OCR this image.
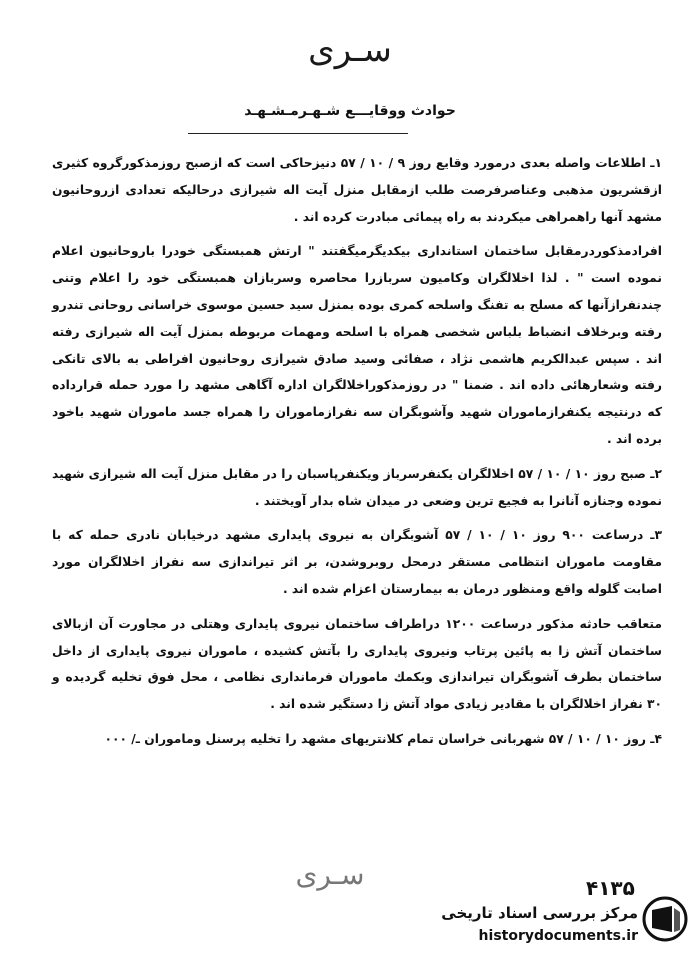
سـرى
حوادث ووقايـــع شـهـرمـشـهـد

۱ـ اطلاعات واصله بعدى درمورد وقايع روز ۹ / ۱۰ / ۵۷ دنيزحاكى است كه ازصبح روزمذكورگروه كثيرى ازقشريون مذهبى وعناصرفرصت طلب ازمقابل منزل آيت اله شيرازى درحاليكه تعدادى ازروحانيون مشهد آنها راهمراهى ميكردند به راه پيمائى مبادرت كرده اند .

افرادمذكوردرمقابل ساختمان استاندارى بيكديگرميگفتند " ارتش همبستگى خودرا باروحانيون اعلام نموده است " . لذا اخلالگران وكاميون سربازرا محاصره وسربازان همبستگى خود را اعلام وتنى چندنفرازآنها كه مسلح به تفنگ واسلحه كمرى بوده بمنزل سيد حسين موسوى خراسانى روحانى تندرو رفته وبرخلاف انضباط بلباس شخصى همراه با اسلحه ومهمات مربوطه بمنزل آيت اله شيرازى رفته اند . سپس عبدالكريم هاشمى نژاد ، صفائى وسيد صادق شيرازى روحانيون افراطى به بالاى تانكى رفته وشعارهائى داده اند . ضمنا " در روزمذكوراخلالگران اداره آگاهى مشهد را مورد حمله قرارداده كه درنتيجه يكنفرازماموران شهيد وآشوبگران سه نفرازماموران را همراه جسد ماموران شهيد باخود برده اند .

۲ـ صبح روز ۱۰ / ۱۰ / ۵۷ اخلالگران يكنفرسرباز ويكنفرپاسبان را در مقابل منزل آيت اله شيرازى شهيد نموده وجنازه آنانرا به فجيع ترين وضعى در ميدان شاه بدار آويختند .

۳ـ درساعت ۹۰۰ روز ۱۰ / ۱۰ / ۵۷ آشوبگران به نيروى پايدارى مشهد درخيابان نادرى حمله كه با مقاومت ماموران انتظامى مستقر درمحل روبروشدن، بر اثر تيراندازى سه نفراز اخلالگران مورد اصابت گلوله واقع ومنظور درمان به بيمارستان اعزام شده اند .

متعاقب حادثه مذكور درساعت ۱۲۰۰ دراطراف ساختمان نيروى پايدارى وهتلى در مجاورت آن ازبالاى ساختمان آتش زا به پائين پرتاب ونيروى پايدارى را بآتش كشيده ، ماموران نيروى پايدارى از داخل ساختمان بطرف آشوبگران تيراندازى وبكمك ماموران فرماندارى نظامى ، محل فوق تخليه گرديده و ۳۰ نفراز اخلالگران با مقادير زيادى مواد آتش زا دستگير شده اند .

۴ـ روز ۱۰ / ۱۰ / ۵۷ شهربانى خراسان تمام كلانتريهاى مشهد را تخليه پرسنل وماموران ـ/ ۰۰۰

سـرى	۴۱۳۵
مرکز بررسی اسناد تاریخی
historydocuments.ir
